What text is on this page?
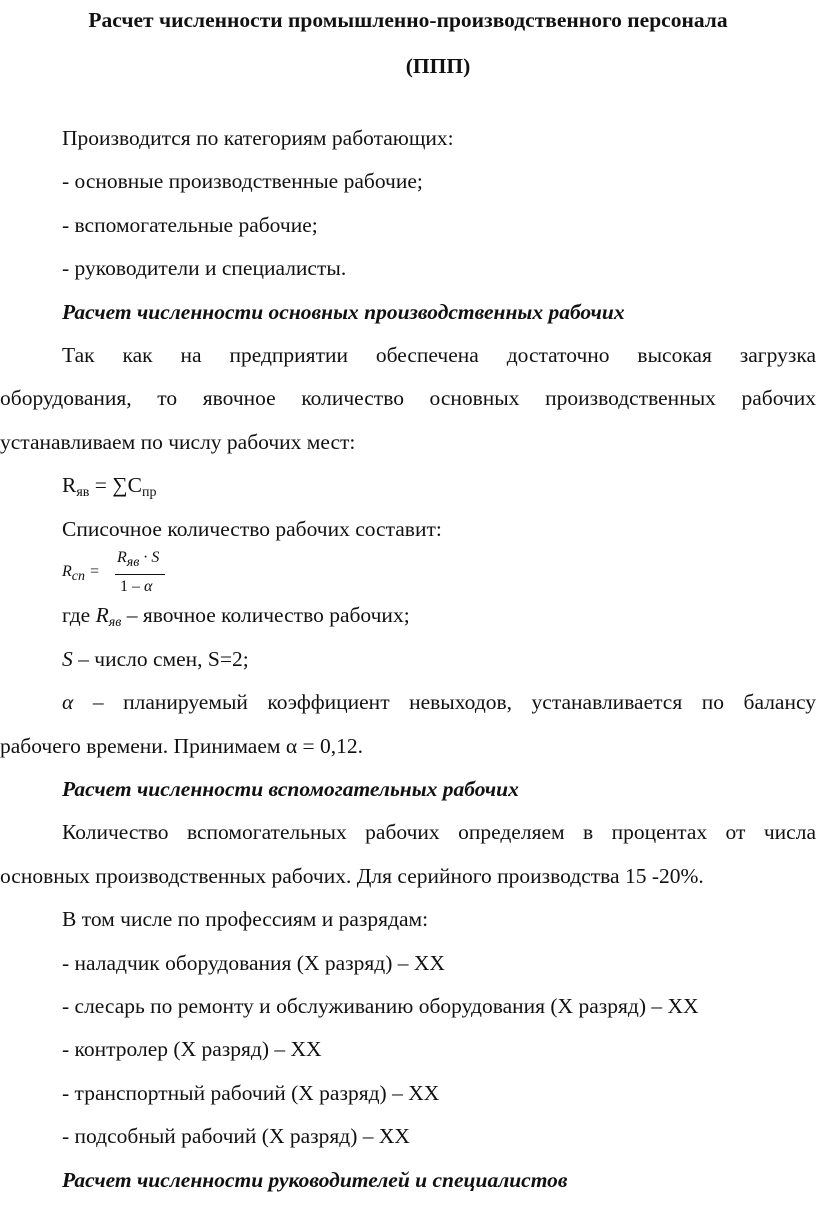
Расчет численности промышленно-производственного персонала
(ППП)
Производится по категориям работающих:
- основные производственные рабочие;
- вспомогательные рабочие;
- руководители и специалисты.
Расчет численности основных производственных рабочих
Так как на предприятии обеспечена достаточно высокая загрузка
оборудования, то явочное количество основных производственных рабочих
устанавливаем по числу рабочих мест:
$R_{яв} = \sum С_{пр}$
Списочное количество рабочих составит:
$R_{сп}$ =
$R_{яв} \cdot S$
1 – α
где $R_{яв}$ – явочное количество рабочих;
S – число смен, S=2;
α – планируемый коэффициент невыходов, устанавливается по балансу
рабочего времени. Принимаем α = 0,12.
Расчет численности вспомогательных рабочих
Количество вспомогательных рабочих определяем в процентах от числа
основных производственных рабочих. Для серийного производства 15 -20%.
В том числе по профессиям и разрядам:
- наладчик оборудования (Х разряд) – ХХ
- слесарь по ремонту и обслуживанию оборудования (Х разряд) – ХХ
- контролер (Х разряд) – ХХ
- транспортный рабочий (Х разряд) – ХХ
- подсобный рабочий (Х разряд) – ХХ
Расчет численности руководителей и специалистов
